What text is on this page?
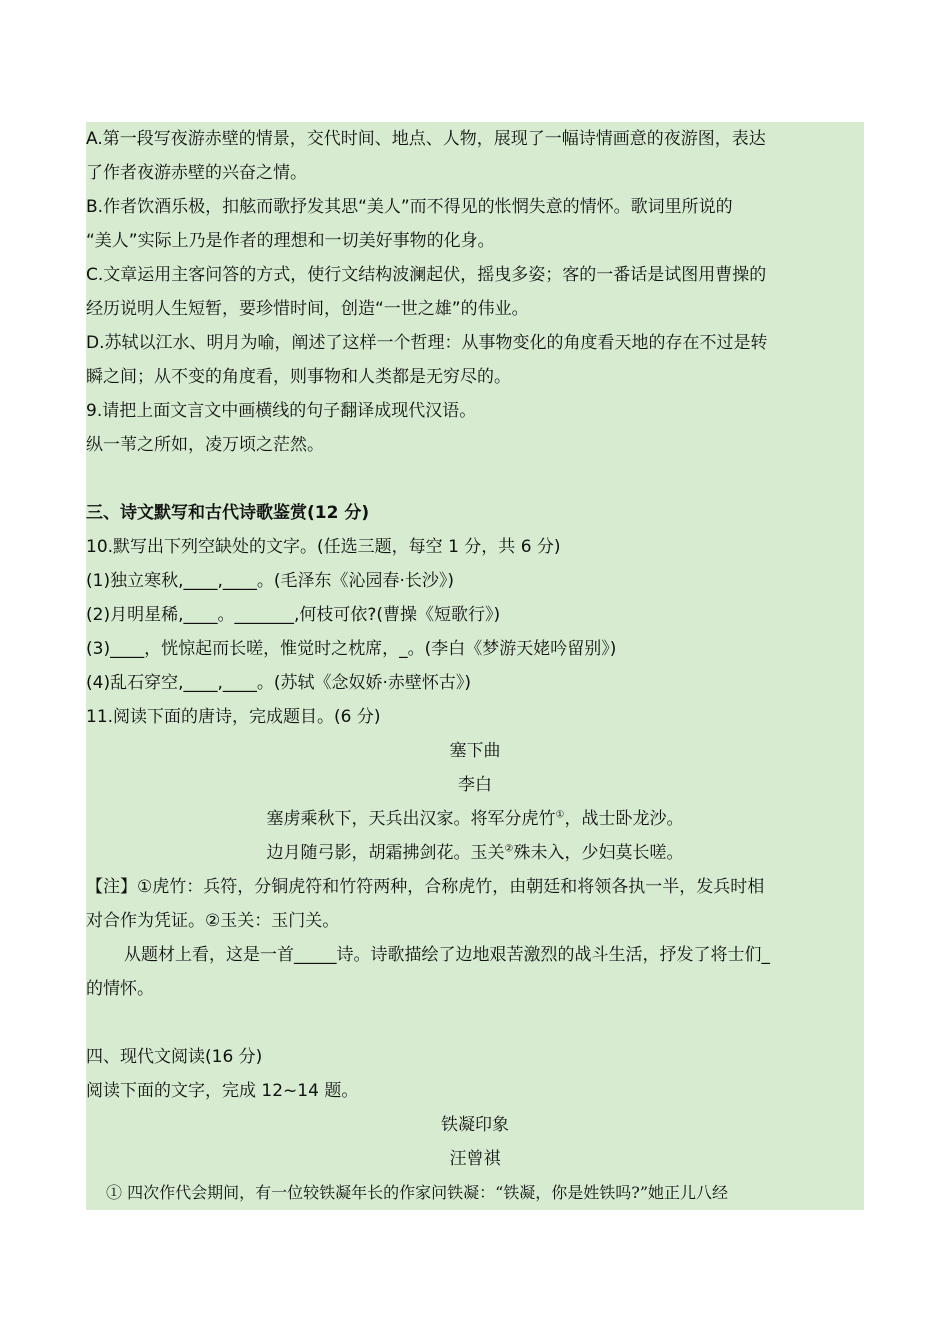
A.第一段写夜游赤壁的情景，交代时间、地点、人物，展现了一幅诗情画意的夜游图，表达
了作者夜游赤壁的兴奋之情。
B.作者饮酒乐极，扣舷而歌抒发其思“美人”而不得见的怅惘失意的情怀。歌词里所说的
“美人”实际上乃是作者的理想和一切美好事物的化身。
C.文章运用主客问答的方式，使行文结构波澜起伏，摇曳多姿；客的一番话是试图用曹操的
经历说明人生短暂，要珍惜时间，创造“一世之雄”的伟业。
D.苏轼以江水、明月为喻，阐述了这样一个哲理：从事物变化的角度看天地的存在不过是转
瞬之间；从不变的角度看，则事物和人类都是无穷尽的。
9.请把上面文言文中画横线的句子翻译成现代汉语。
纵一苇之所如，凌万顷之茫然。
三、诗文默写和古代诗歌鉴赏(12 分)
10.默写出下列空缺处的文字。(任选三题，每空 1 分，共 6 分)
(1)独立寒秋,____,____。(毛泽东《沁园春·长沙》)
(2)月明星稀,____。_______,何枝可依?(曹操《短歌行》)
(3)____，恍惊起而长嗟，惟觉时之枕席，_。(李白《梦游天姥吟留别》)
(4)乱石穿空,____,____。(苏轼《念奴娇·赤壁怀古》)
11.阅读下面的唐诗，完成题目。(6 分)
塞下曲
李白
塞虏乘秋下，天兵出汉家。将军分虎竹①，战士卧龙沙。
边月随弓影，胡霜拂剑花。玉关②殊未入，少妇莫长嗟。
【注】①虎竹：兵符，分铜虎符和竹符两种，合称虎竹，由朝廷和将领各执一半，发兵时相
对合作为凭证。②玉关：玉门关。
从题材上看，这是一首_____诗。诗歌描绘了边地艰苦激烈的战斗生活，抒发了将士们_
的情怀。
四、现代文阅读(16 分)
阅读下面的文字，完成 12~14 题。
铁凝印象
汪曾祺
① 四次作代会期间，有一位较铁凝年长的作家问铁凝：“铁凝，你是姓铁吗?”她正儿八经
